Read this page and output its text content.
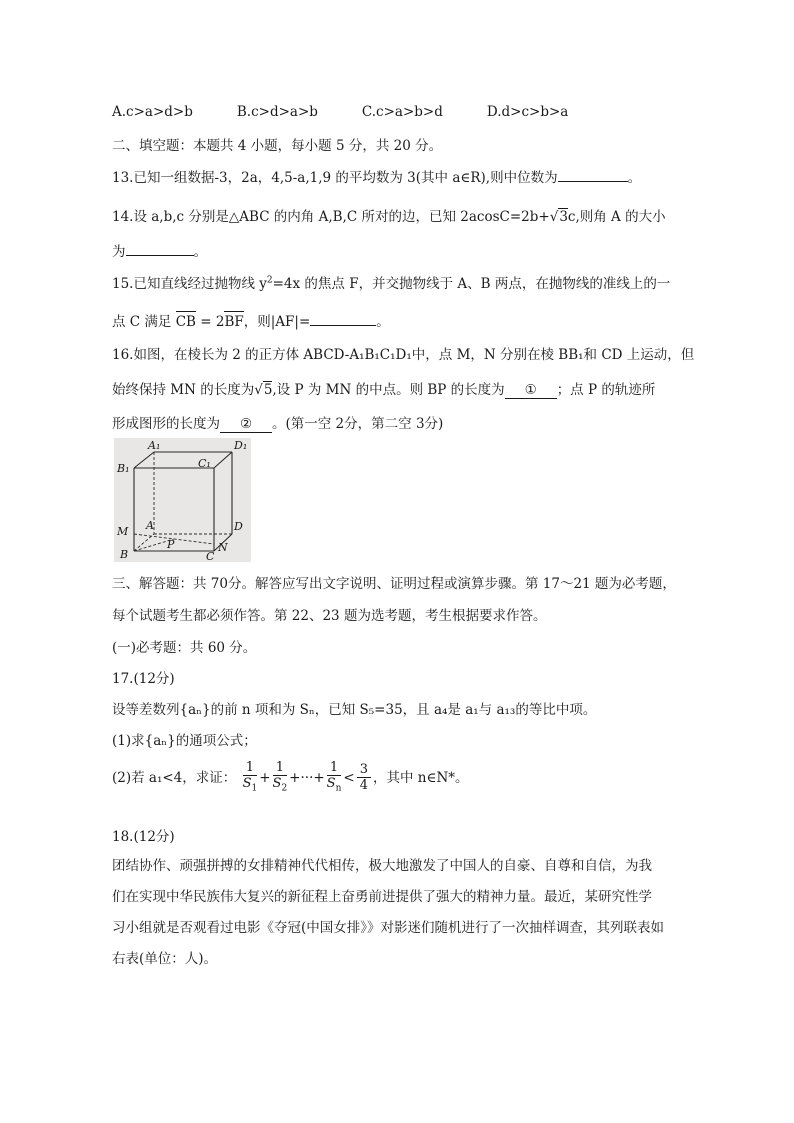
A.c>a>d>b	B.c>d>a>b	C.c>a>b>d	D.d>c>b>a
二、填空题：本题共 4 小题，每小题 5 分，共 20 分。
13.已知一组数据-3，2a，4,5-a,1,9 的平均数为 3(其中 a∈R),则中位数为	。
14.设 a,b,c 分别是△ABC 的内角 A,B,C 所对的边，已知 2acosC=2b+√3c,则角 A 的大小
为	。
15.已知直线经过抛物线 $y^2=4x$ 的焦点 F，并交抛物线于 A、B 两点，在抛物线的准线上的一
点 C 满足 CB = 2BF，则|AF|=	。
16.如图，在棱长为 2 的正方体 ABCD-A₁B₁C₁D₁中，点 M，N 分别在棱 BB₁和 CD 上运动，但
始终保持 MN 的长度为√5,设 P 为 MN 的中点。则 BP 的长度为 ① ；点 P 的轨迹所
形成图形的长度为 ② 。(第一空 2分，第二空 3分)
A₁	D₁
B₁	C₁
M A	D
P
B	C
N
三、解答题：共 70分。解答应写出文字说明、证明过程或演算步骤。第 17～21 题为必考题，
每个试题考生都必须作答。第 22、23 题为选考题，考生根据要求作答。
(一)必考题：共 60 分。
17.(12分)
设等差数列{aₙ}的前 n 项和为 Sₙ，已知 S₅=35，且 a₄是 a₁与 a₁₃的等比中项。
(1)求{aₙ}的通项公式；
(2)若 a₁<4，求证： $\frac{1}{S_1} + \frac{1}{S_2}$ +···+ $\frac{1}{S_n} < \frac{3}{4}$ ，其中 n∈N*。
18.(12分)
团结协作、顽强拼搏的女排精神代代相传，极大地激发了中国人的自豪、自尊和自信，为我
们在实现中华民族伟大复兴的新征程上奋勇前进提供了强大的精神力量。最近，某研究性学
习小组就是否观看过电影《夺冠(中国女排》》对影迷们随机进行了一次抽样调查，其列联表如
右表(单位：人)。
